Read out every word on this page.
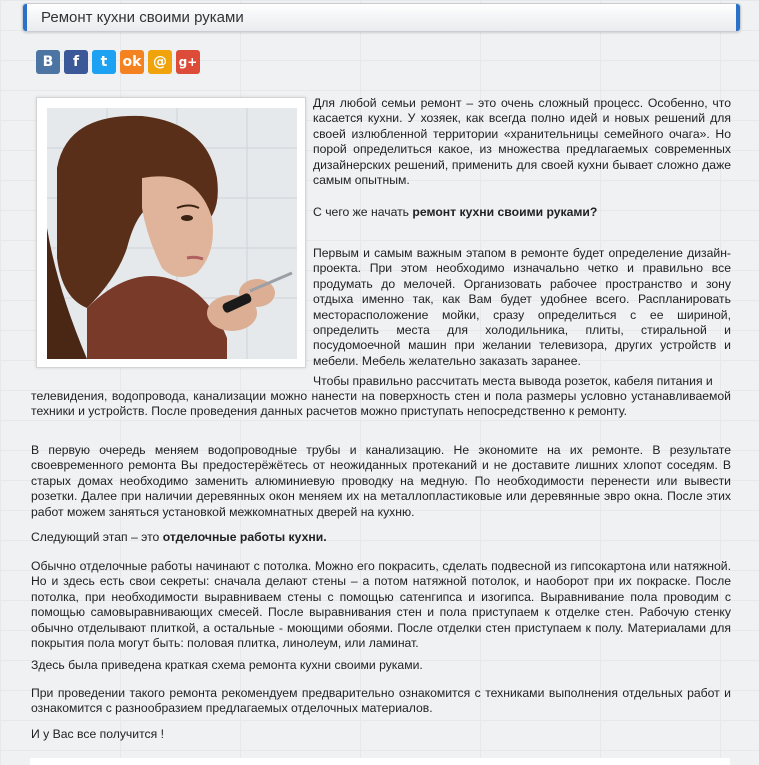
Ремонт кухни своими руками
B	f	t	ok @ g+
Для любой семьи ремонт – это очень сложный процесс. Особенно, что касается кухни. У хозяек, как всегда полно идей и новых решений для своей излюбленной территории «хранительницы семейного очага». Но порой определиться какое, из множества предлагаемых современных дизайнерских решений, применить для своей кухни бывает сложно даже самым опытным.
С чего же начать ремонт кухни своими руками?
Первым и самым важным этапом в ремонте будет определение дизайн-проекта. При этом необходимо изначально четко и правильно все продумать до мелочей. Организовать рабочее пространство и зону отдыха именно так, как Вам будет удобнее всего. Распланировать месторасположение мойки, сразу определиться с ее шириной, определить места для холодильника, плиты, стиральной и посудомоечной машин при желании телевизора, других устройств и мебели. Мебель желательно заказать заранее.
Чтобы правильно рассчитать места вывода розеток, кабеля питания и
телевидения, водопровода, канализации можно нанести на поверхность стен и пола размеры условно устанавливаемой техники и устройств. После проведения данных расчетов можно приступать непосредственно к ремонту.
В первую очередь меняем водопроводные трубы и канализацию. Не экономите на их ремонте. В результате своевременного ремонта Вы предостерёжётесь от неожиданных протеканий и не доставите лишних хлопот соседям. В старых домах необходимо заменить алюминиевую проводку на медную. По необходимости перенести или вывести розетки. Далее при наличии деревянных окон меняем их на металлопластиковые или деревянные эвро окна. После этих работ можем заняться установкой межкомнатных дверей на кухню.
Следующий этап – это отделочные работы кухни.
Обычно отделочные работы начинают с потолка. Можно его покрасить, сделать подвесной из гипсокартона или натяжной. Но и здесь есть свои секреты: сначала делают стены – а потом натяжной потолок, и наоборот при их покраске. После потолка, при необходимости выравниваем стены с помощью сатенгипса и изогипса. Выравнивание пола проводим с помощью самовыравнивающих смесей. После выравнивания стен и пола приступаем к отделке стен. Рабочую стенку обычно отделывают плиткой, а остальные - моющими обоями. После отделки стен приступаем к полу. Материалами для покрытия пола могут быть: половая плитка, линолеум, или ламинат.
Здесь была приведена краткая схема ремонта кухни своими руками.
При проведении такого ремонта рекомендуем предварительно ознакомится с техниками выполнения отдельных работ и ознакомится с разнообразием предлагаемых отделочных материалов.
И у Вас все получится !
